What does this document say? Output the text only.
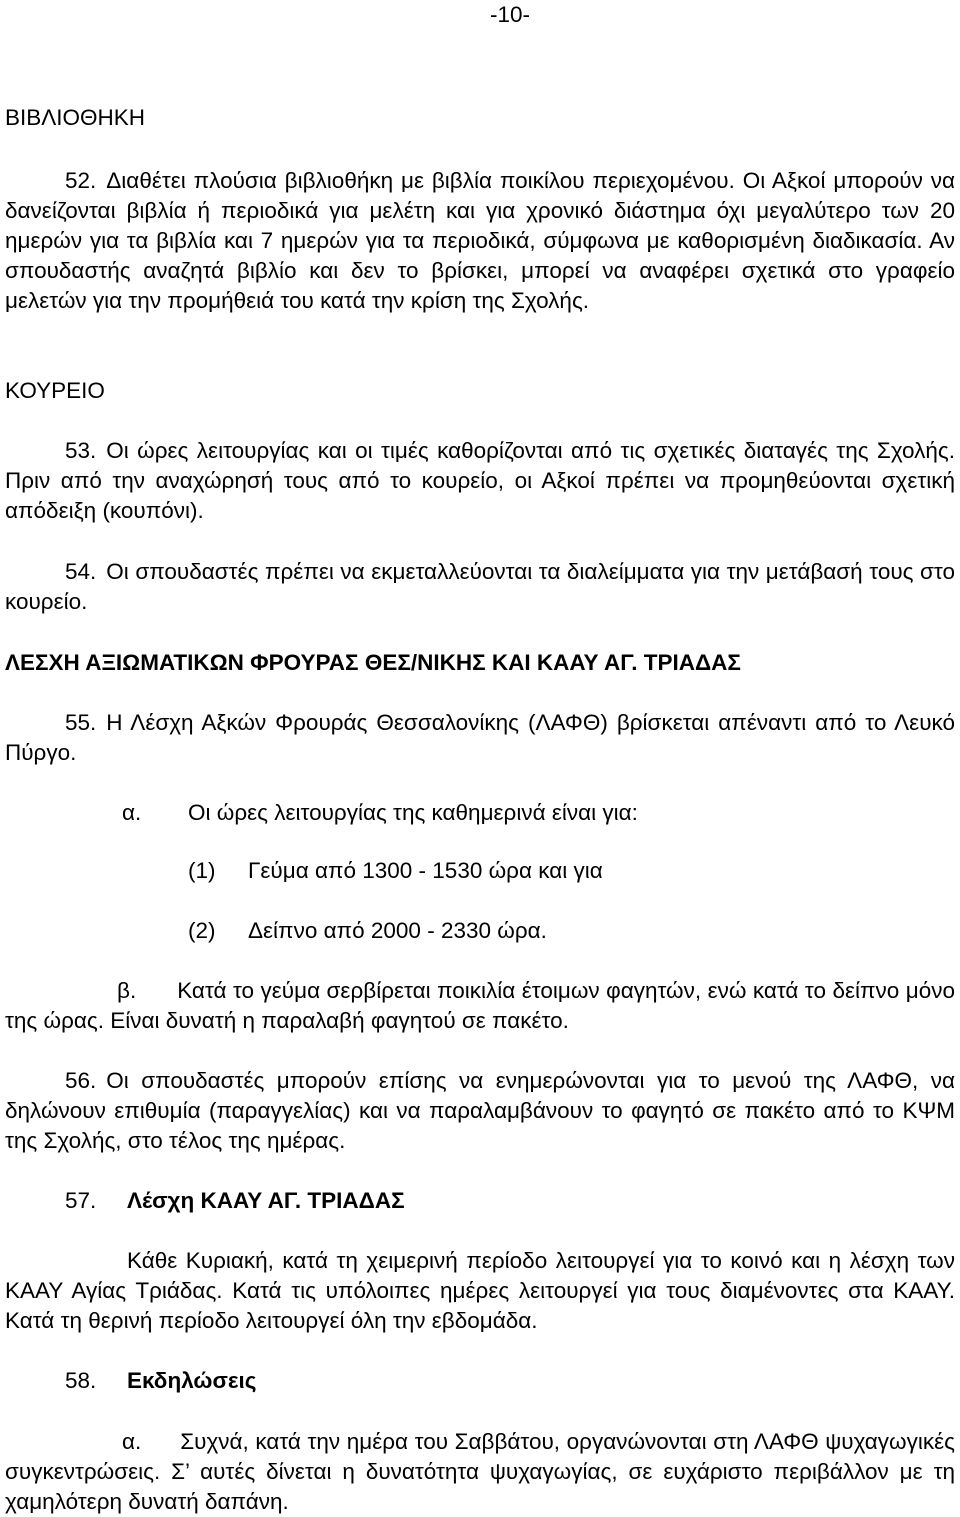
-10-
ΒΙΒΛΙΟΘΗΚΗ
52. Διαθέτει πλούσια βιβλιοθήκη με βιβλία ποικίλου περιεχομένου. Οι Αξκοί μπορούν να δανείζονται βιβλία ή περιοδικά για μελέτη και για χρονικό διάστημα όχι μεγαλύτερο των 20 ημερών για τα βιβλία και 7 ημερών για τα περιοδικά, σύμφωνα με καθορισμένη διαδικασία. Αν σπουδαστής αναζητά βιβλίο και δεν το βρίσκει, μπορεί να αναφέρει σχετικά στο γραφείο μελετών για την προμήθειά του κατά την κρίση της Σχολής.
ΚΟΥΡΕΙΟ
53. Οι ώρες λειτουργίας και οι τιμές καθορίζονται από τις σχετικές διαταγές της Σχολής. Πριν από την αναχώρησή τους από το κουρείο, οι Αξκοί πρέπει να προμηθεύονται σχετική απόδειξη (κουπόνι).
54. Οι σπουδαστές πρέπει να εκμεταλλεύονται τα διαλείμματα για την μετάβασή τους στο κουρείο.
ΛΕΣΧΗ ΑΞΙΩΜΑΤΙΚΩΝ ΦΡΟΥΡΑΣ ΘΕΣ/ΝΙΚΗΣ ΚΑΙ ΚΑΑΥ ΑΓ. ΤΡΙΑΔΑΣ
55. Η Λέσχη Αξκών Φρουράς Θεσσαλονίκης (ΛΑΦΘ) βρίσκεται απέναντι από το Λευκό Πύργο.
α. Οι ώρες λειτουργίας της καθημερινά είναι για:
(1) Γεύμα από 1300 - 1530 ώρα και για
(2) Δείπνο από 2000 - 2330 ώρα.
β. Κατά το γεύμα σερβίρεται ποικιλία έτοιμων φαγητών, ενώ κατά το δείπνο μόνο της ώρας. Είναι δυνατή η παραλαβή φαγητού σε πακέτο.
56. Οι σπουδαστές μπορούν επίσης να ενημερώνονται για το μενού της ΛΑΦΘ, να δηλώνουν επιθυμία (παραγγελίας) και να παραλαμβάνουν το φαγητό σε πακέτο από το ΚΨΜ της Σχολής, στο τέλος της ημέρας.
57. Λέσχη ΚΑΑΥ ΑΓ. ΤΡΙΑΔΑΣ
Κάθε Κυριακή, κατά τη χειμερινή περίοδο λειτουργεί για το κοινό και η λέσχη των ΚΑΑΥ Αγίας Τριάδας. Κατά τις υπόλοιπες ημέρες λειτουργεί για τους διαμένοντες στα ΚΑΑΥ. Κατά τη θερινή περίοδο λειτουργεί όλη την εβδομάδα.
58. Εκδηλώσεις
α. Συχνά, κατά την ημέρα του Σαββάτου, οργανώνονται στη ΛΑΦΘ ψυχαγωγικές συγκεντρώσεις. Σ’ αυτές δίνεται η δυνατότητα ψυχαγωγίας, σε ευχάριστο περιβάλλον με τη χαμηλότερη δυνατή δαπάνη.
